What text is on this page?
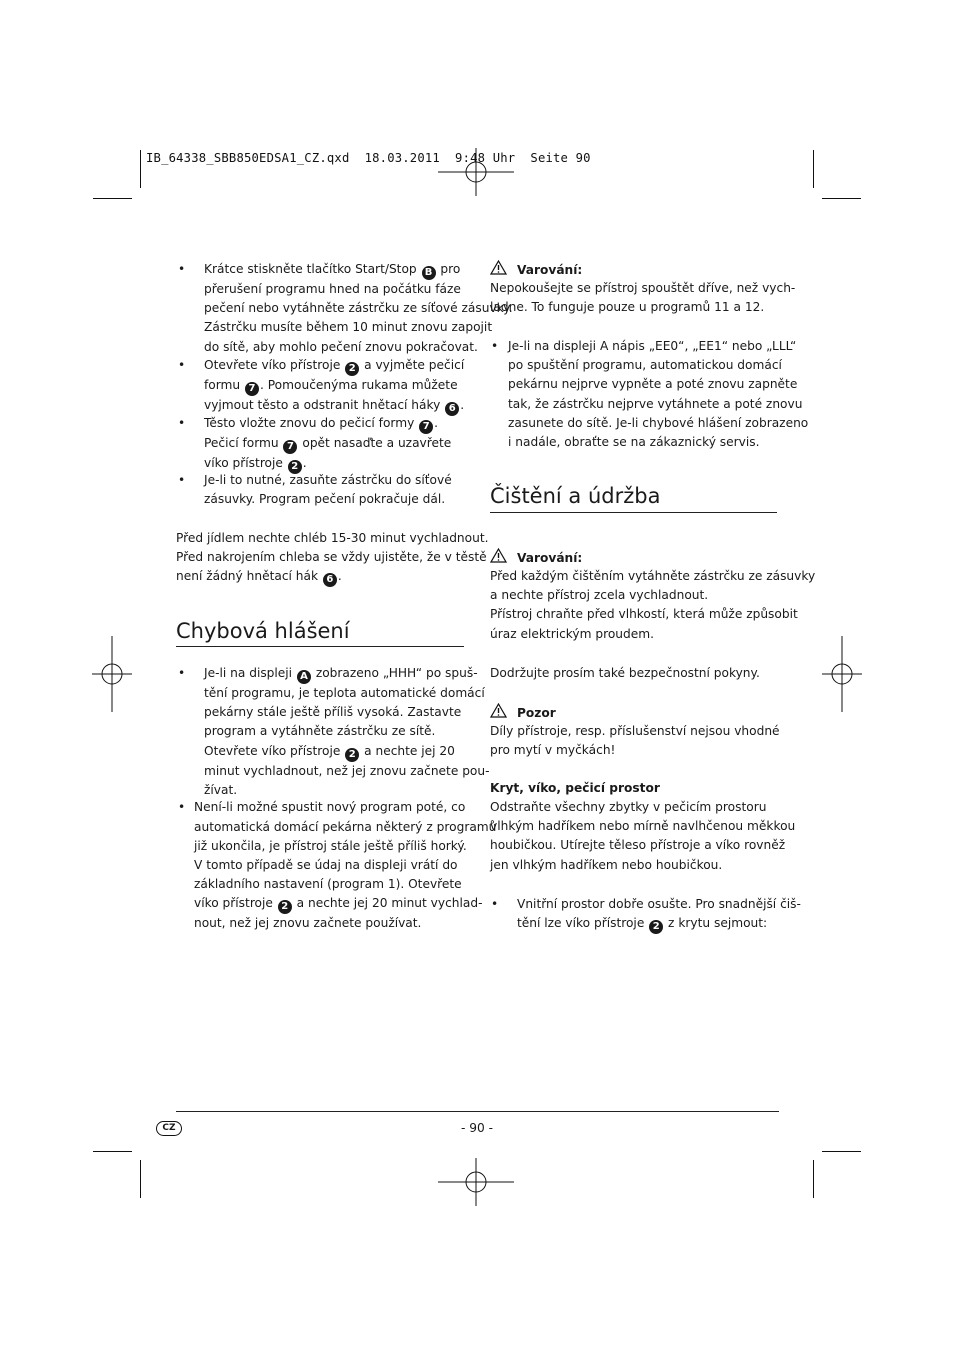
IB_64338_SBB850EDSA1_CZ.qxd  18.03.2011  9:48 Uhr  Seite 90
Chybová hlášení
Čištění a údržba
CZ	- 90 -
• Krátce stiskněte tlačítko Start/Stop B pro
přerušení programu hned na počátku fáze
pečení nebo vytáhněte zástrčku ze síťové zásuvky.
Zástrčku musíte během 10 minut znovu zapojit
do sítě, aby mohlo pečení znovu pokračovat.
• Otevřete víko přístroje 2 a vyjměte pečicí
formu 7 . Pomoučenýma rukama můžete
vyjmout těsto a odstranit hnětací háky 6 .
• Těsto vložte znovu do pečicí formy 7 .
Pečicí formu 7 opět nasaďte a uzavřete
víko přístroje 2 .
• Je-li to nutné, zasuňte zástrčku do síťové
zásuvky. Program pečení pokračuje dál.
Před jídlem nechte chléb 15-30 minut vychladnout.
Před nakrojením chleba se vždy ujistěte, že v těstě
není žádný hnětací hák 6 .
• Je-li na displeji A zobrazeno „HHH“ po spuš-
tění programu, je teplota automatické domácí
pekárny stále ještě příliš vysoká. Zastavte
program a vytáhněte zástrčku ze sítě.
Otevřete víko přístroje 2 a nechte jej 20
minut vychladnout, než jej znovu začnete pou-
žívat.
• Není-li možné spustit nový program poté, co
automatická domácí pekárna některý z programů
již ukončila, je přístroj stále ještě příliš horký.
V tomto případě se údaj na displeji vrátí do
základního nastavení (program 1). Otevřete
víko přístroje 2 a nechte jej 20 minut vychlad-
nout, než jej znovu začnete používat.
Varování:
Nepokoušejte se přístroj spouštět dříve, než vych-
ladne. To funguje pouze u programů 11 a 12.
• Je-li na displeji A nápis „EE0“, „EE1“ nebo „LLL“
po spuštění programu, automatickou domácí
pekárnu nejprve vypněte a poté znovu zapněte
tak, že zástrčku nejprve vytáhnete a poté znovu
zasunete do sítě. Je-li chybové hlášení zobrazeno
i nadále, obraťte se na zákaznický servis.
Varování:
Před každým čištěním vytáhněte zástrčku ze zásuvky
a nechte přístroj zcela vychladnout.
Přístroj chraňte před vlhkostí, která může způsobit
úraz elektrickým proudem.
Dodržujte prosím také bezpečnostní pokyny.
Pozor
Díly přístroje, resp. příslušenství nejsou vhodné
pro mytí v myčkách!
Kryt, víko, pečicí prostor
Odstraňte všechny zbytky v pečicím prostoru
vlhkým hadříkem nebo mírně navlhčenou měkkou
houbičkou. Utírejte těleso přístroje a víko rovněž
jen vlhkým hadříkem nebo houbičkou.
• Vnitřní prostor dobře osušte. Pro snadnější čiš-
tění lze víko přístroje 2 z krytu sejmout:
